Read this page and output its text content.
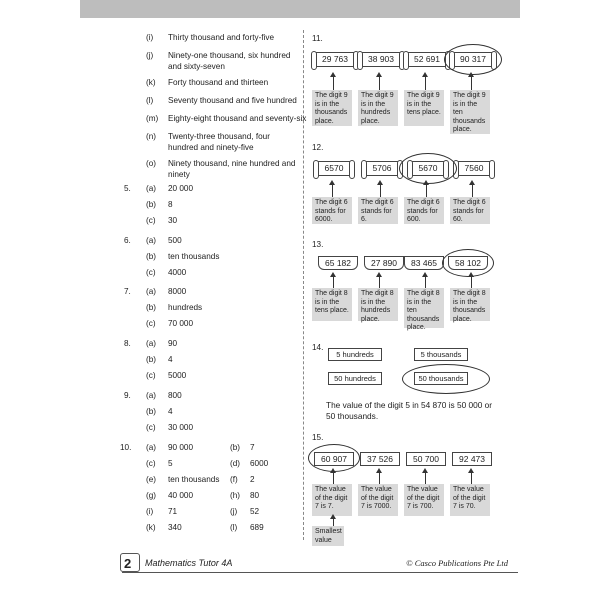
(i) Thirty thousand and forty-five
(j) Ninety-one thousand, six hundred and sixty-seven
(k) Forty thousand and thirteen
(l) Seventy thousand and five hundred
(m) Eighty-eight thousand and seventy-six
(n) Twenty-three thousand, four hundred and ninety-five
(o) Ninety thousand, nine hundred and ninety
5. (a) 20 000
(b) 8
(c) 30
6. (a) 500
(b) ten thousands
(c) 4000
7. (a) 8000
(b) hundreds
(c) 70 000
8. (a) 90
(b) 4
(c) 5000
9. (a) 800
(b) 4
(c) 30 000
10. (a) 90 000	(b) 7
(c) 5	(d) 6000
(e) ten thousands (f) 2
(g) 40 000	(h) 80
(i) 71	(j) 52
(k) 340	(l) 689
11.
29 763	38 903	52 691	90 317
The digit 9 is in the thousands place.
The digit 9 is in the hundreds place.
The digit 9 is in the tens place.
The digit 9 is in the ten thousands place.
12.
6570	5706	5670	7560
The digit 6 stands for 6000.
The digit 6 stands for 6.
The digit 6 stands for 600.
The digit 6 stands for 60.
13.
65 182	27 890	83 465	58 102
The digit 8 is in the tens place.
The digit 8 is in the hundreds place.
The digit 8 is in the ten thousands place.
The digit 8 is in the thousands place.
14.
5 hundreds	5 thousands
50 hundreds	50 thousands
The value of the digit 5 in 54 870 is 50 000 or 50 thousands.
15.
60 907	37 526	50 700	92 473
The value of the digit 7 is 7.
The value of the digit 7 is 7000.
The value of the digit 7 is 700.
The value of the digit 7 is 70.
Smallest value
2 Mathematics Tutor 4A	© Casco Publications Pte Ltd
